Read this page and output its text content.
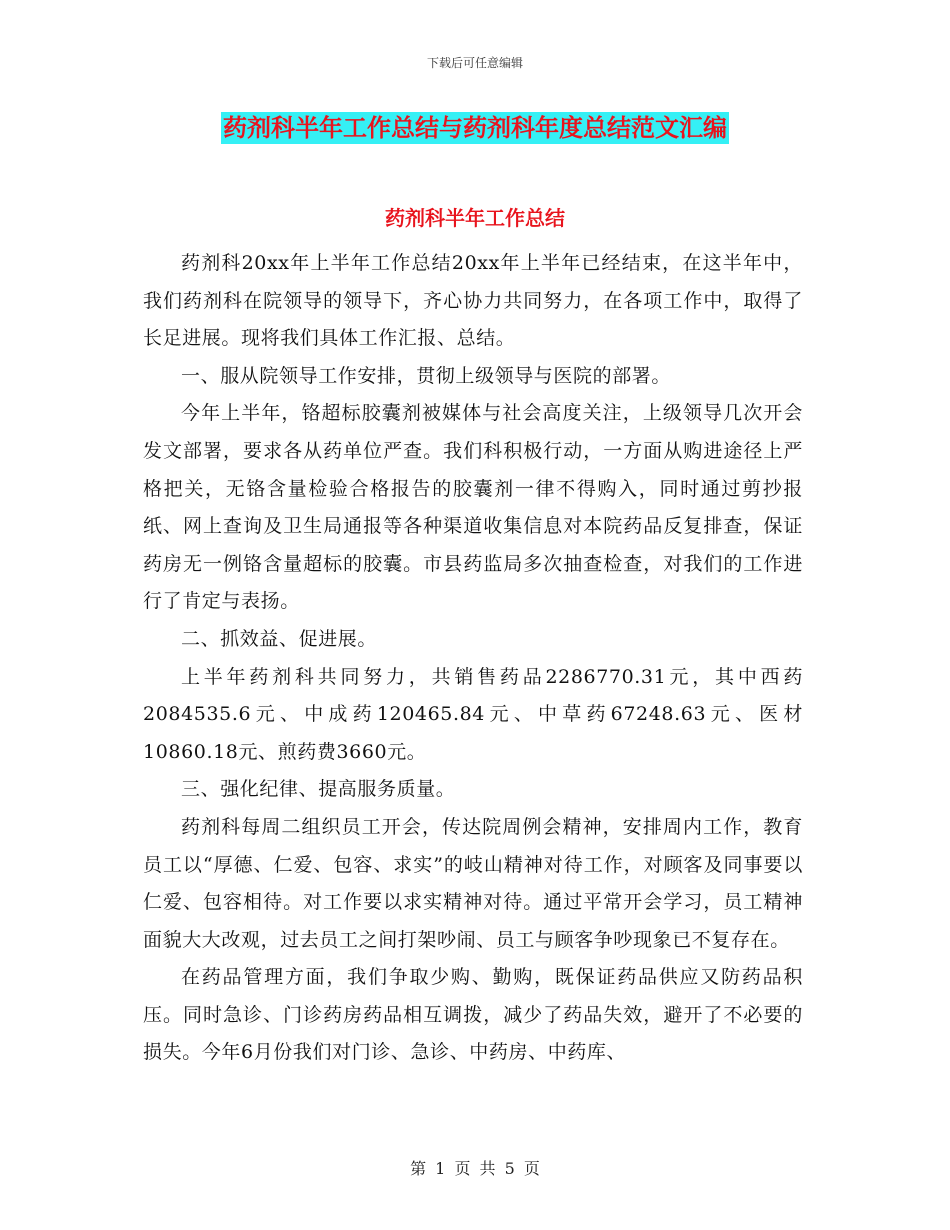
下载后可任意编辑
药剂科半年工作总结与药剂科年度总结范文汇编
药剂科半年工作总结

药剂科20xx年上半年工作总结20xx年上半年已经结束，在这半年中，我们药剂科在院领导的领导下，齐心协力共同努力，在各项工作中，取得了长足进展。现将我们具体工作汇报、总结。

一、服从院领导工作安排，贯彻上级领导与医院的部署。

今年上半年，铬超标胶囊剂被媒体与社会高度关注，上级领导几次开会发文部署，要求各从药单位严查。我们科积极行动，一方面从购进途径上严格把关，无铬含量检验合格报告的胶囊剂一律不得购入，同时通过剪抄报纸、网上查询及卫生局通报等各种渠道收集信息对本院药品反复排查，保证药房无一例铬含量超标的胶囊。市县药监局多次抽查检查，对我们的工作进行了肯定与表扬。

二、抓效益、促进展。

上半年药剂科共同努力，共销售药品2286770.31元，其中西药2084535.6元、中成药120465.84元、中草药67248.63元、医材10860.18元、煎药费3660元。

三、强化纪律、提高服务质量。

药剂科每周二组织员工开会，传达院周例会精神，安排周内工作，教育员工以“厚德、仁爱、包容、求实”的岐山精神对待工作，对顾客及同事要以仁爱、包容相待。对工作要以求实精神对待。通过平常开会学习，员工精神面貌大大改观，过去员工之间打架吵闹、员工与顾客争吵现象已不复存在。

在药品管理方面，我们争取少购、勤购，既保证药品供应又防药品积压。同时急诊、门诊药房药品相互调拨，减少了药品失效，避开了不必要的损失。今年6月份我们对门诊、急诊、中药房、中药库、

第 1 页 共 5 页
